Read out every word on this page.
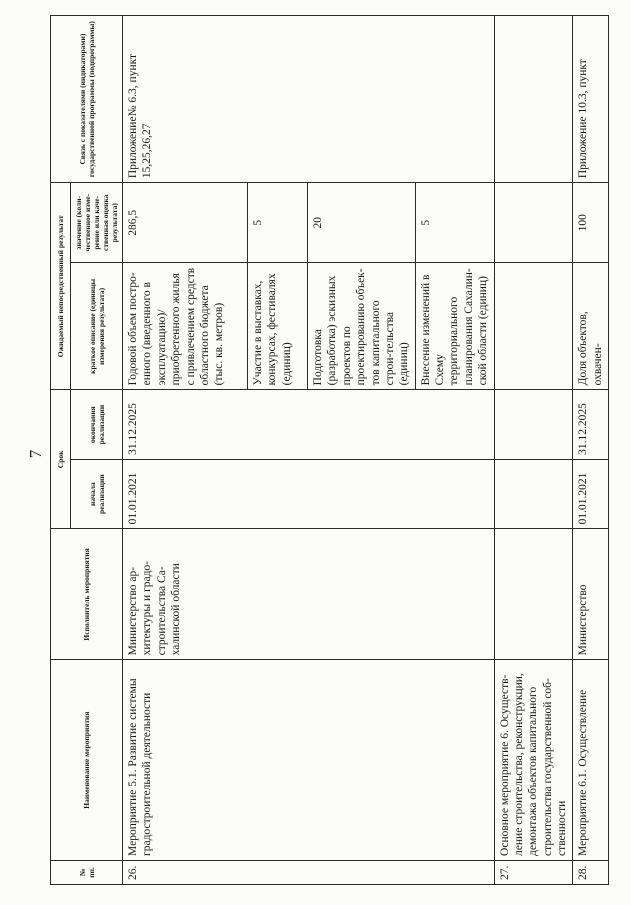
7
№ пп.	Наименование мероприятия	Исполнитель мероприятия	Срок		Ожидаемый непосредственный результат		Связь с показателями (индикаторами) государственной программы (подпрограммы)
			начала реализации	окончания реализации	краткое описание (единицы измерения результата)	значение (коли-чественное изме-рение или каче-ственная оценка результата)	
26.	Мероприятие 5.1. Развитие системы градостроительной деятельности	Министерство ар-хитектуры и градо-строительства Са-халинской области	01.01.2021	31.12.2025	Годовой объем постро-енного (введенного в эксплуатацию)/ приобретенного жилья с привлечением средств областного бюджета (тыс. кв. метров)	286,5	Приложение№ 6.3, пункт 15,25,26,27
					Участие в выставках, конкурсах, фестивалях (единиц)	5	
					Подготовка (разработка) эскизных проектов по проектированию объек-тов капитального строи-тельства (единиц)	20	
					Внесение изменений в Схему территориального планирования Сахалин-ской области (единиц)	5	
27.	Основное мероприятие 6. Осуществ-ление строительства, реконструкции, демонтажа объектов капитального строительства государственной соб-ственности						
28.	Мероприятие 6.1. Осуществление	Министерство	01.01.2021	31.12.2025	Доля объектов, охвачен-	100	Приложение 10.3, пункт
